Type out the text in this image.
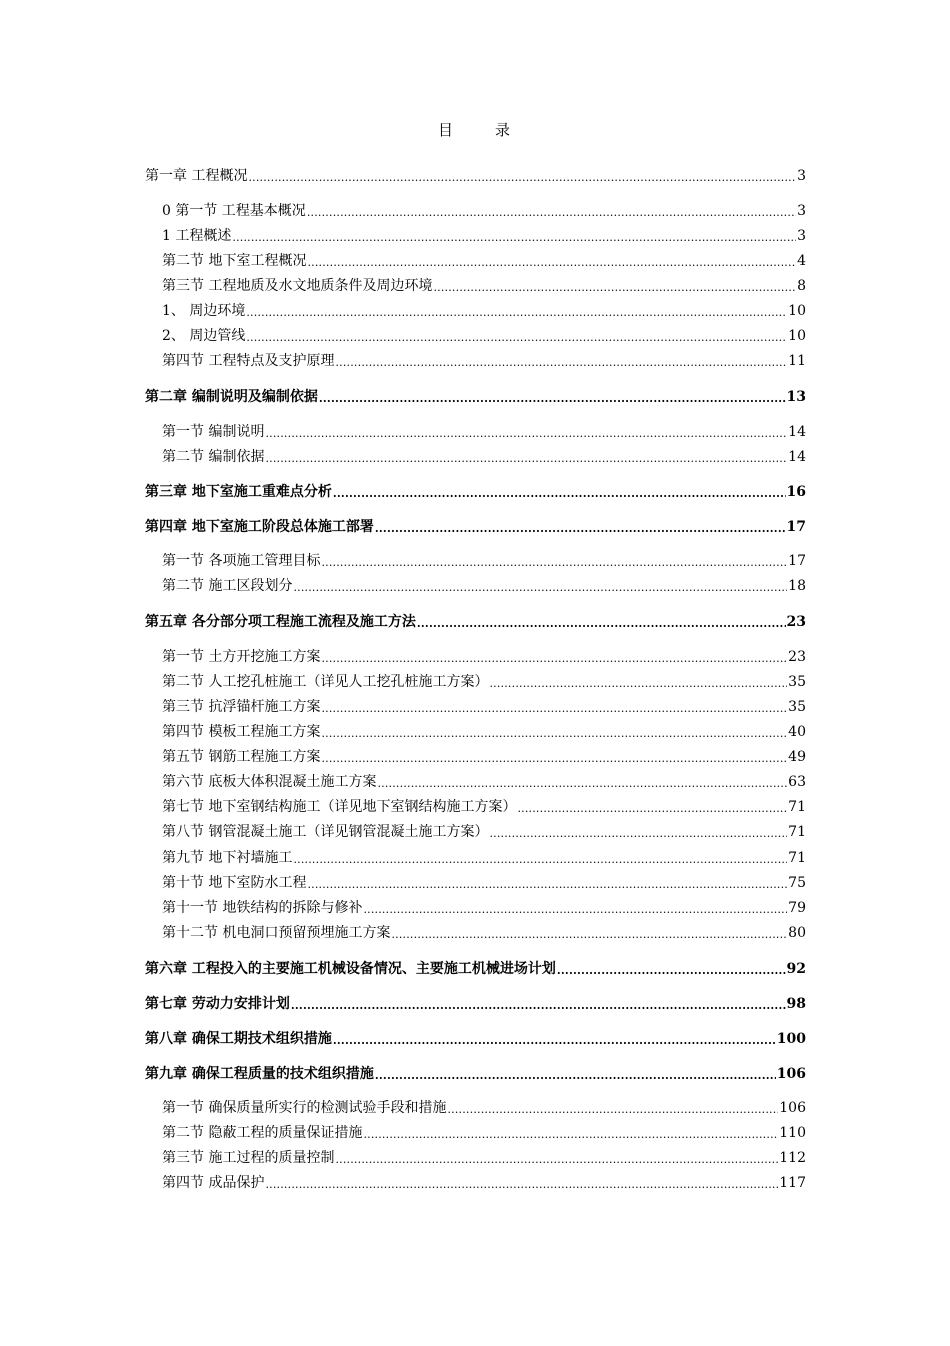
目	录
第一章 工程概况 .....	3
0 第一节 工程基本概况 .....	3
1 工程概述 .....	3
第二节 地下室工程概况 .....	4
第三节 工程地质及水文地质条件及周边环境 .....	8
1、 周边环境 .....	10
2、 周边管线 .....	10
第四节 工程特点及支护原理 .....	11
第二章 编制说明及编制依据 .....	13
第一节 编制说明 .....	14
第二节 编制依据 .....	14
第三章 地下室施工重难点分析 .....	16
第四章 地下室施工阶段总体施工部署 .....	17
第一节 各项施工管理目标 .....	17
第二节 施工区段划分 .....	18
第五章 各分部分项工程施工流程及施工方法 .....	23
第一节 土方开挖施工方案 .....	23
第二节 人工挖孔桩施工（详见人工挖孔桩施工方案） .....	35
第三节 抗浮锚杆施工方案 .....	35
第四节 模板工程施工方案 .....	40
第五节 钢筋工程施工方案 .....	49
第六节 底板大体积混凝土施工方案 .....	63
第七节 地下室钢结构施工（详见地下室钢结构施工方案） .....	71
第八节 钢管混凝土施工（详见钢管混凝土施工方案） .....	71
第九节 地下衬墙施工 .....	71
第十节 地下室防水工程 .....	75
第十一节 地铁结构的拆除与修补 .....	79
第十二节 机电洞口预留预埋施工方案 .....	80
第六章 工程投入的主要施工机械设备情况、主要施工机械进场计划 .....	92
第七章 劳动力安排计划 .....	98
第八章 确保工期技术组织措施 .....	100
第九章 确保工程质量的技术组织措施 .....	106
第一节 确保质量所实行的检测试验手段和措施 .....	106
第二节 隐蔽工程的质量保证措施 .....	110
第三节 施工过程的质量控制 .....	112
第四节 成品保护 .....	117
